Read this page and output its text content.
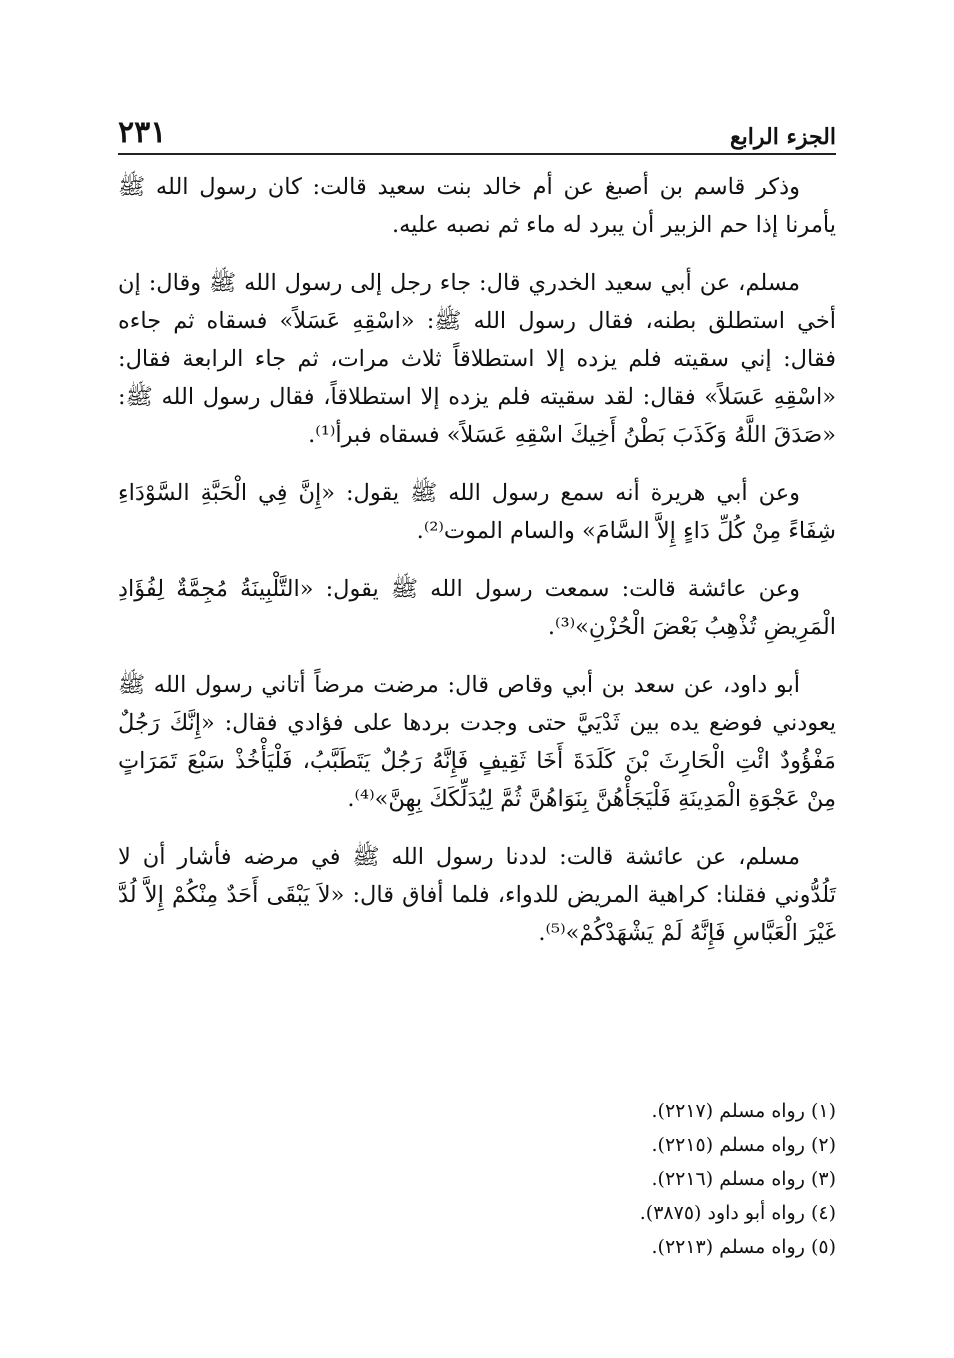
الجزء الرابع
٢٣١

وذكر قاسم بن أصبغ عن أم خالد بنت سعيد قالت: كان رسول الله ﷺ يأمرنا إذا حم الزبير أن يبرد له ماء ثم نصبه عليه.

مسلم، عن أبي سعيد الخدري قال: جاء رجل إلى رسول الله ﷺ وقال: إن أخي استطلق بطنه، فقال رسول الله ﷺ: «اسْقِهِ عَسَلاً» فسقاه ثم جاءه فقال: إني سقيته فلم يزده إلا استطلاقاً ثلاث مرات، ثم جاء الرابعة فقال: «اسْقِهِ عَسَلاً» فقال: لقد سقيته فلم يزده إلا استطلاقاً، فقال رسول الله ﷺ: «صَدَقَ اللَّهُ وَكَذَبَ بَطْنُ أَخِيكَ اسْقِهِ عَسَلاً» فسقاه فبرأ⁽¹⁾.

وعن أبي هريرة أنه سمع رسول الله ﷺ يقول: «إِنَّ فِي الْحَبَّةِ السَّوْدَاءِ شِفَاءً مِنْ كُلِّ دَاءٍ إِلاَّ السَّامَ» والسام الموت⁽²⁾.

وعن عائشة قالت: سمعت رسول الله ﷺ يقول: «التَّلْبِينَةُ مُجِمَّةٌ لِفُؤَادِ الْمَرِيضِ تُذْهِبُ بَعْضَ الْحُزْنِ»⁽³⁾.

أبو داود، عن سعد بن أبي وقاص قال: مرضت مرضاً أتاني رسول الله ﷺ يعودني فوضع يده بين ثَدْيَيَّ حتى وجدت بردها على فؤادي فقال: «إِنَّكَ رَجُلٌ مَفْؤُودٌ ائْتِ الْحَارِثَ بْنَ كَلَدَةَ أَخَا ثَقِيفٍ فَإِنَّهُ رَجُلٌ يَتَطَبَّبُ، فَلْيَأْخُذْ سَبْعَ تَمَرَاتٍ مِنْ عَجْوَةِ الْمَدِينَةِ فَلْيَجَأْهُنَّ بِنَوَاهُنَّ ثُمَّ لِيُدَلِّكَكَ بِهِنَّ»⁽⁴⁾.

مسلم، عن عائشة قالت: لددنا رسول الله ﷺ في مرضه فأشار أن لا تَلُدُّوني فقلنا: كراهية المريض للدواء، فلما أفاق قال: «لاَ يَبْقَى أَحَدٌ مِنْكُمْ إِلاَّ لُدَّ غَيْرَ الْعَبَّاسِ فَإِنَّهُ لَمْ يَشْهَدْكُمْ»⁽⁵⁾.

(١) رواه مسلم (٢٢١٧).

(٢) رواه مسلم (٢٢١٥).

(٣) رواه مسلم (٢٢١٦).

(٤) رواه أبو داود (٣٨٧٥).

(٥) رواه مسلم (٢٢١٣).
